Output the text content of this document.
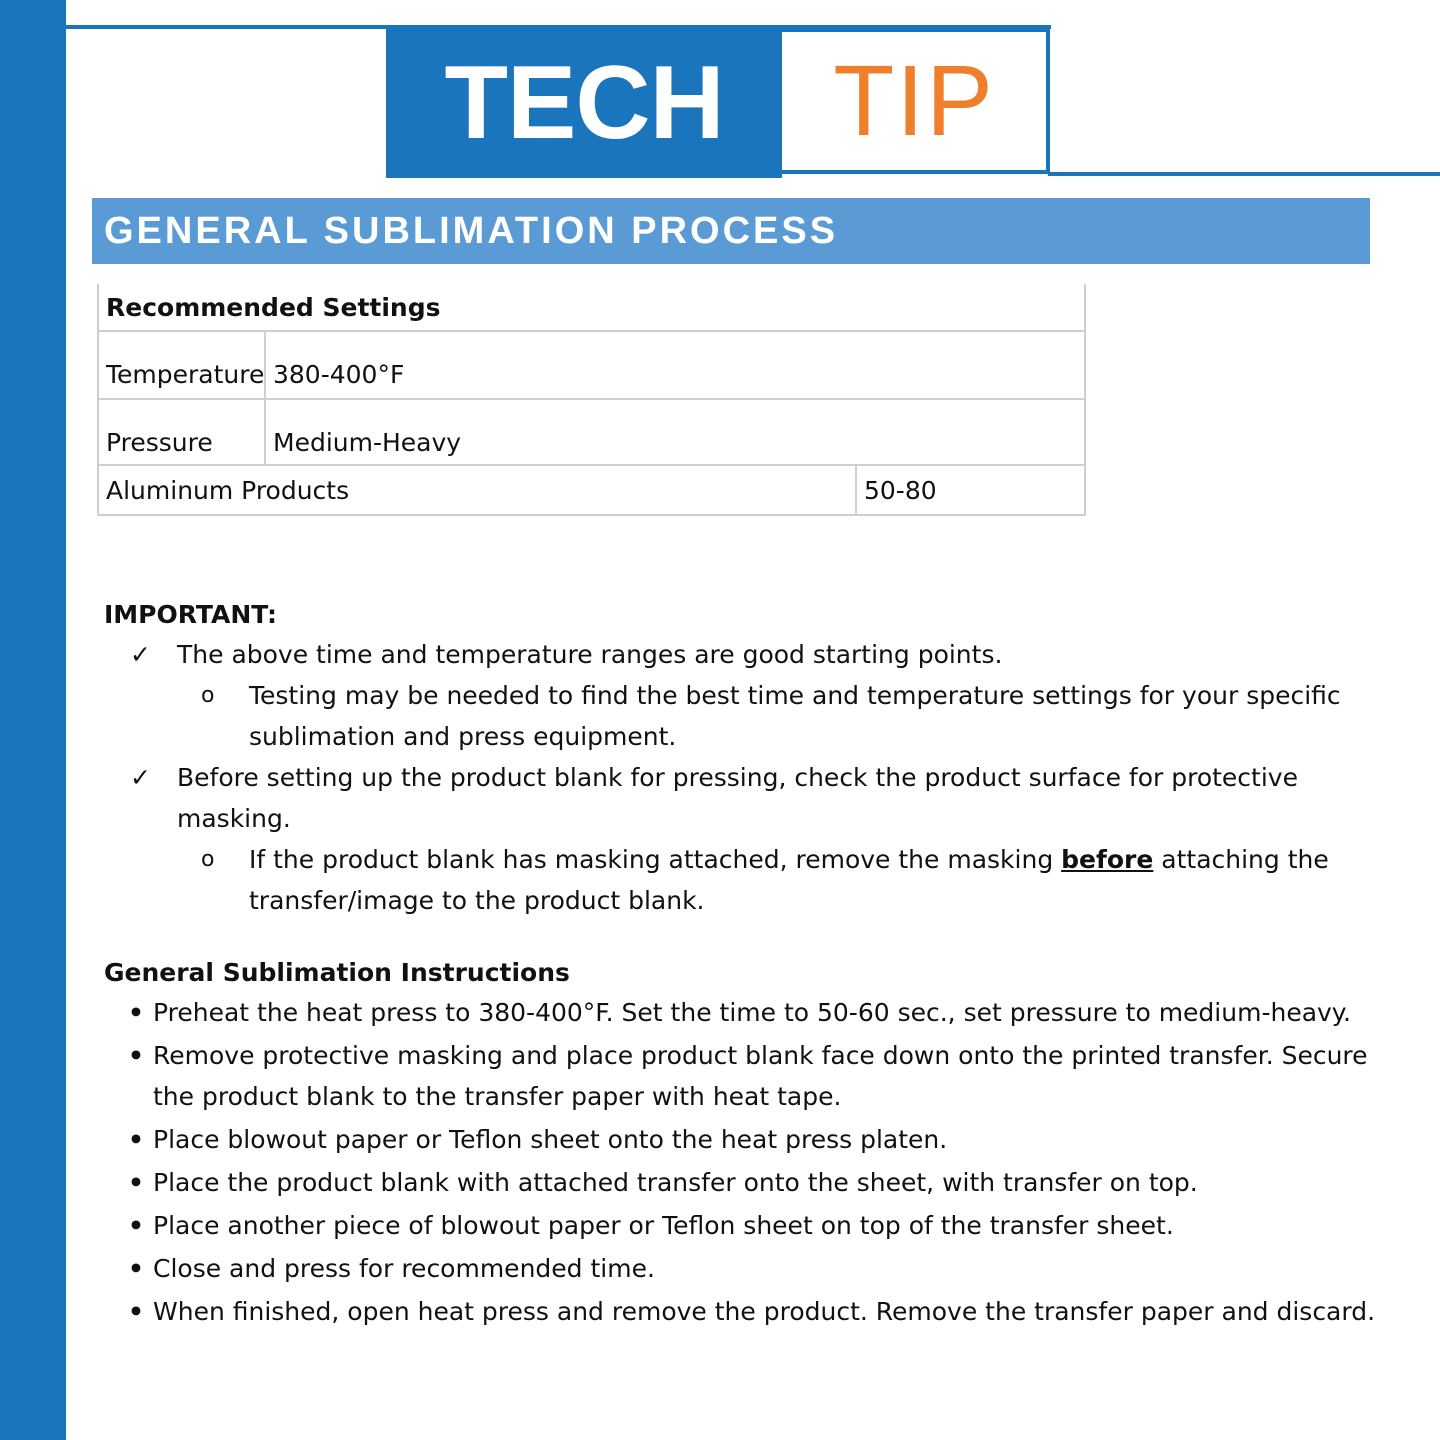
TECH TIP
GENERAL SUBLIMATION PROCESS
Recommended Settings
Temperature 380-400°F
Pressure	Medium-Heavy
Aluminum Products	50-80
IMPORTANT:
✓	The above time and temperature ranges are good starting points.
o	Testing may be needed to find the best time and temperature settings for your specific sublimation and press equipment.
✓	Before setting up the product blank for pressing, check the product surface for protective masking.
o	If the product blank has masking attached, remove the masking before attaching the transfer/image to the product blank.
General Sublimation Instructions
• Preheat the heat press to 380-400°F. Set the time to 50-60 sec., set pressure to medium-heavy.
• Remove protective masking and place product blank face down onto the printed transfer. Secure the product blank to the transfer paper with heat tape.
• Place blowout paper or Teflon sheet onto the heat press platen.
• Place the product blank with attached transfer onto the sheet, with transfer on top.
• Place another piece of blowout paper or Teflon sheet on top of the transfer sheet.
• Close and press for recommended time.
• When finished, open heat press and remove the product. Remove the transfer paper and discard.
